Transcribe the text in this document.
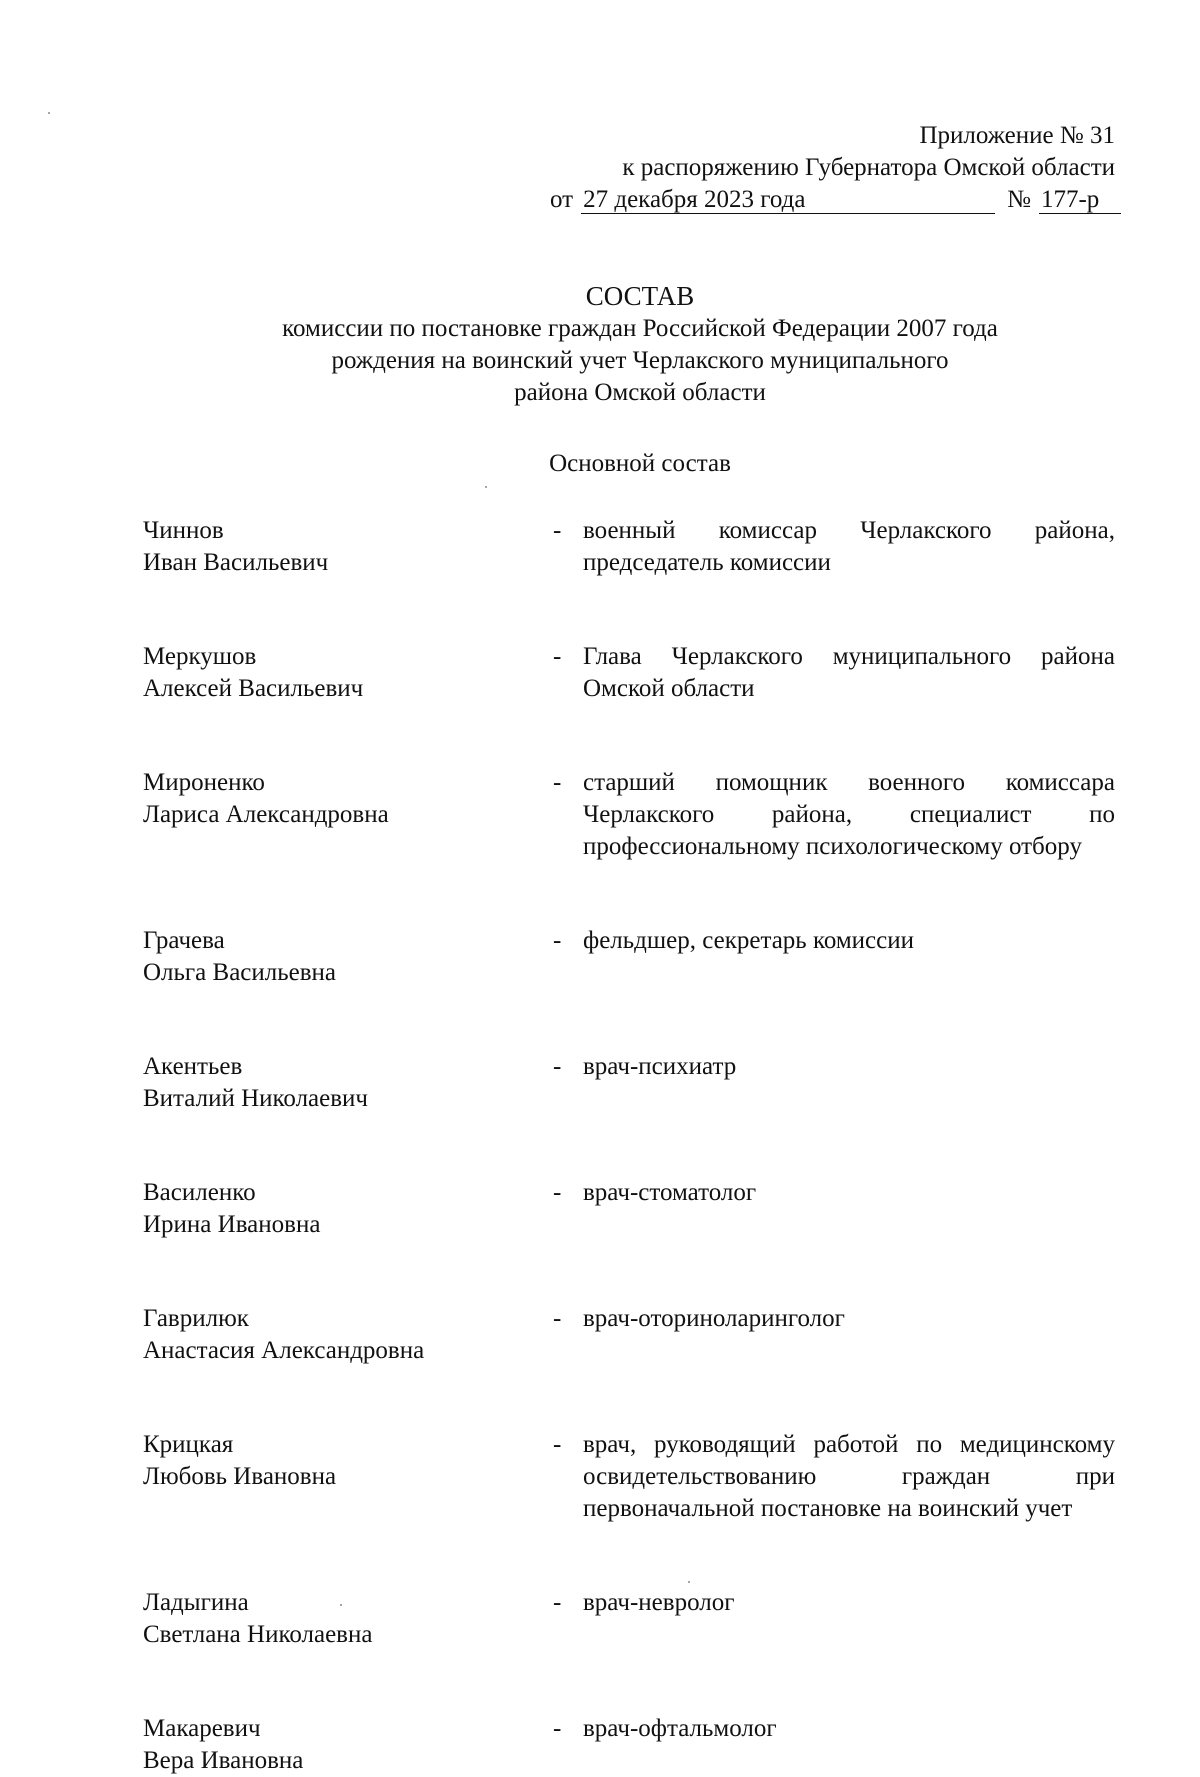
Приложение № 31
к распоряжению Губернатора Омской области
от 27 декабря 2023 года	№ 177-р
СОСТАВ
комиссии по постановке граждан Российской Федерации 2007 года
рождения на воинский учет Черлакского муниципального
района Омской области
Основной состав
Чиннов
Иван Васильевич
- военный комиссар Черлакского района, председатель комиссии
Меркушов
Алексей Васильевич
- Глава Черлакского муниципального района Омской области
Мироненко
Лариса Александровна
- старший помощник военного комиссара Черлакского района, специалист по профессиональному психологическому отбору
Грачева
Ольга Васильевна
- фельдшер, секретарь комиссии
Акентьев
Виталий Николаевич
- врач-психиатр
Василенко
Ирина Ивановна
- врач-стоматолог
Гаврилюк
Анастасия Александровна
- врач-оториноларинголог
Крицкая
Любовь Ивановна
- врач, руководящий работой по медицинскому освидетельствованию граждан при первоначальной постановке на воинский учет
Ладыгина
Светлана Николаевна
- врач-невролог
Макаревич
Вера Ивановна
- врач-офтальмолог
